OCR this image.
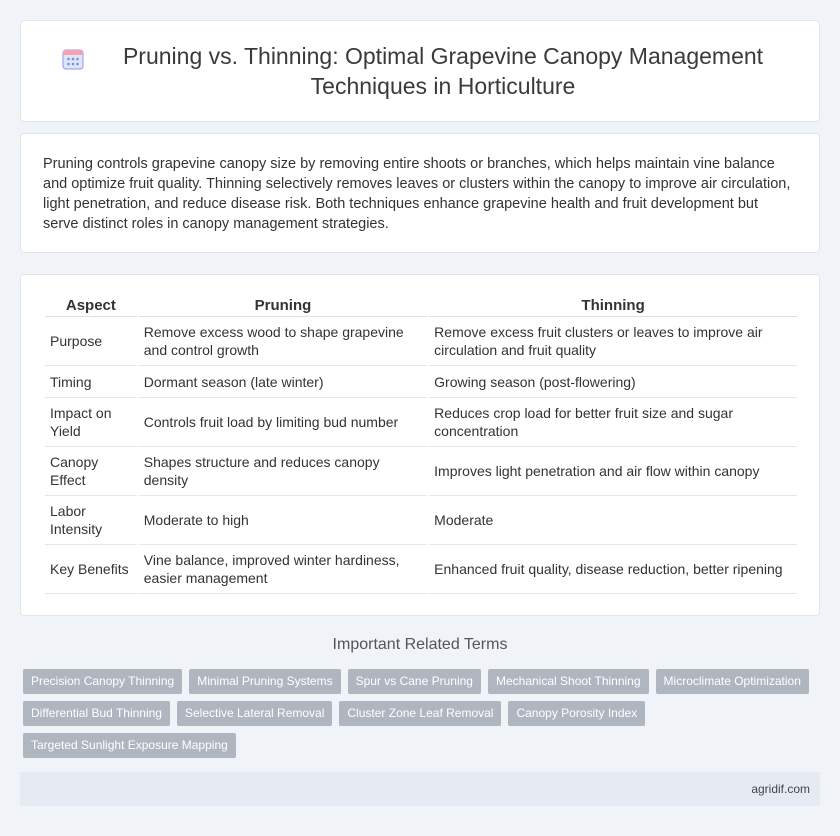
Pruning vs. Thinning: Optimal Grapevine Canopy Management Techniques in Horticulture

Pruning controls grapevine canopy size by removing entire shoots or branches, which helps maintain vine balance and optimize fruit quality. Thinning selectively removes leaves or clusters within the canopy to improve air circulation, light penetration, and reduce disease risk. Both techniques enhance grapevine health and fruit development but serve distinct roles in canopy management strategies.

Aspect	Pruning	Thinning
Purpose	Remove excess wood to shape grapevine and control growth	Remove excess fruit clusters or leaves to improve air circulation and fruit quality
Timing	Dormant season (late winter)	Growing season (post-flowering)
Impact on Yield	Controls fruit load by limiting bud number	Reduces crop load for better fruit size and sugar concentration
Canopy Effect	Shapes structure and reduces canopy density	Improves light penetration and air flow within canopy
Labor Intensity	Moderate to high	Moderate
Key Benefits	Vine balance, improved winter hardiness, easier management	Enhanced fruit quality, disease reduction, better ripening
Important Related Terms
Precision Canopy Thinning	Minimal Pruning Systems	Spur vs Cane Pruning	Mechanical Shoot Thinning	Microclimate Optimization
Differential Bud Thinning	Selective Lateral Removal	Cluster Zone Leaf Removal	Canopy Porosity Index
Targeted Sunlight Exposure Mapping
agridif.com
